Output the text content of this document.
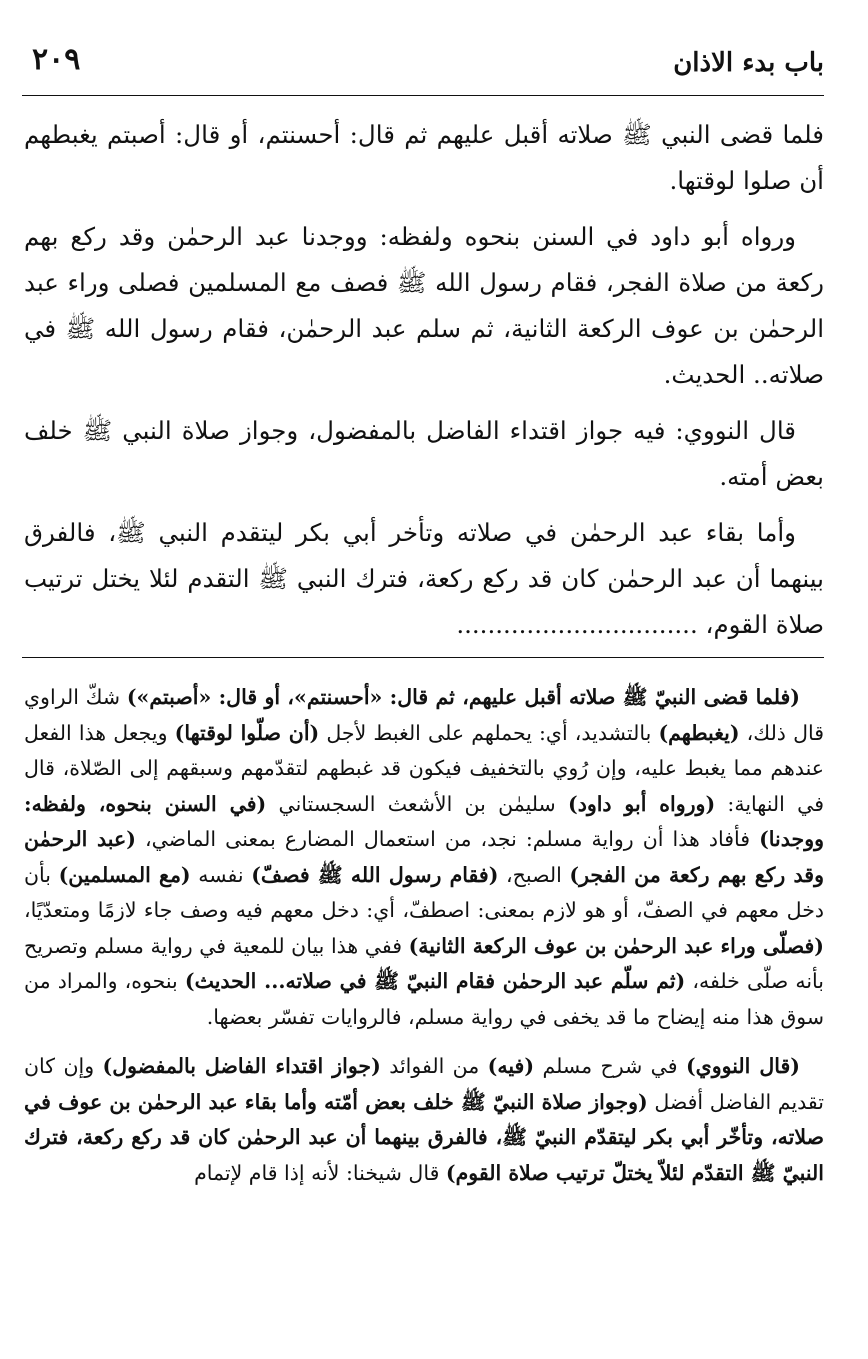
باب بدء الاذان
٢٠٩

فلما قضى النبي ﷺ صلاته أقبل عليهم ثم قال: أحسنتم، أو قال: أصبتم يغبطهم أن صلوا لوقتها.

ورواه أبو داود في السنن بنحوه ولفظه: ووجدنا عبد الرحمٰن وقد ركع بهم ركعة من صلاة الفجر، فقام رسول الله ﷺ فصف مع المسلمين فصلى وراء عبد الرحمٰن بن عوف الركعة الثانية، ثم سلم عبد الرحمٰن، فقام رسول الله ﷺ في صلاته.. الحديث.

قال النووي: فيه جواز اقتداء الفاضل بالمفضول، وجواز صلاة النبي ﷺ خلف بعض أمته.

وأما بقاء عبد الرحمٰن في صلاته وتأخر أبي بكر ليتقدم النبي ﷺ، فالفرق بينهما أن عبد الرحمٰن كان قد ركع ركعة، فترك النبي ﷺ التقدم لئلا يختل ترتيب صلاة القوم، ...............................

(فلما قضى النبيّ ﷺ صلاته أقبل عليهم، ثم قال: «أحسنتم»، أو قال: «أصبتم») شكّ الراوي قال ذلك، (يغبطهم) بالتشديد، أي: يحملهم على الغبط لأجل (أن صلّوا لوقتها) ويجعل هذا الفعل عندهم مما يغبط عليه، وإن رُوي بالتخفيف فيكون قد غبطهم لتقدّمهم وسبقهم إلى الصّلاة، قال في النهاية: (ورواه أبو داود) سليمٰن بن الأشعث السجستاني (في السنن بنحوه، ولفظه: ووجدنا) فأفاد هذا أن رواية مسلم: نجد، من استعمال المضارع بمعنى الماضي، (عبد الرحمٰن وقد ركع بهم ركعة من الفجر) الصبح، (فقام رسول الله ﷺ فصفّ) نفسه (مع المسلمين) بأن دخل معهم في الصفّ، أو هو لازم بمعنى: اصطفّ، أي: دخل معهم فيه وصف جاء لازمًا ومتعدّيًا، (فصلّى وراء عبد الرحمٰن بن عوف الركعة الثانية) ففي هذا بيان للمعية في رواية مسلم وتصريح بأنه صلّى خلفه، (ثم سلّم عبد الرحمٰن فقام النبيّ ﷺ في صلاته... الحديث) بنحوه، والمراد من سوق هذا منه إيضاح ما قد يخفى في رواية مسلم، فالروايات تفسّر بعضها.

(قال النووي) في شرح مسلم (فيه) من الفوائد (جواز اقتداء الفاضل بالمفضول) وإن كان تقديم الفاضل أفضل (وجواز صلاة النبيّ ﷺ خلف بعض أمّته وأما بقاء عبد الرحمٰن بن عوف في صلاته، وتأخّر أبي بكر ليتقدّم النبيّ ﷺ، فالفرق بينهما أن عبد الرحمٰن كان قد ركع ركعة، فترك النبيّ ﷺ التقدّم لئلاّ يختلّ ترتيب صلاة القوم) قال شيخنا: لأنه إذا قام لإتمام
